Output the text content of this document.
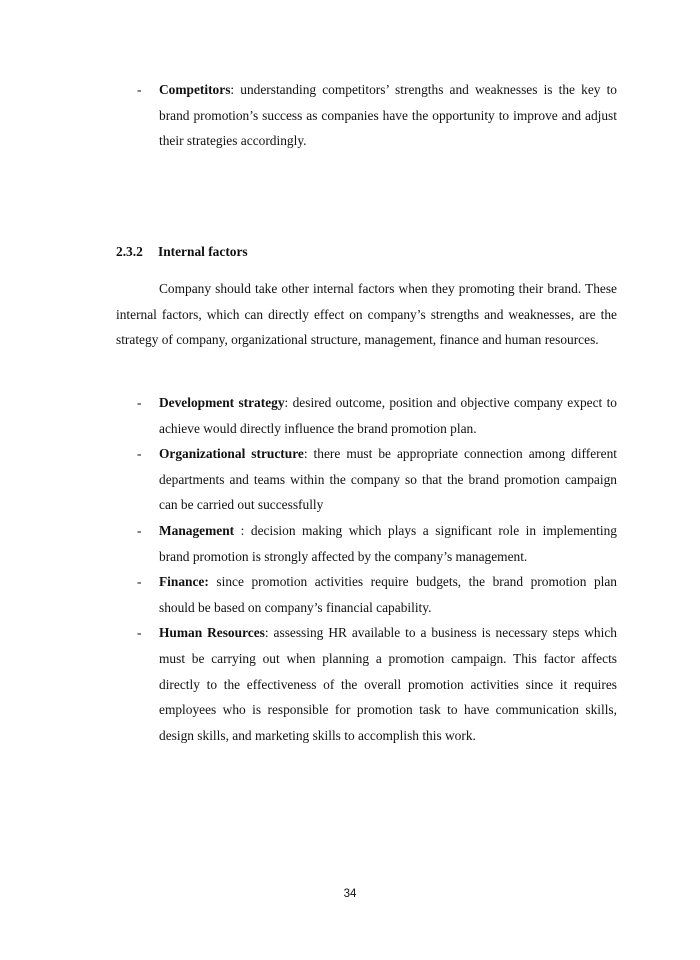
-	Competitors: understanding competitors’ strengths and weaknesses is the key to brand promotion’s success as companies have the opportunity to improve and adjust their strategies accordingly.
2.3.2 Internal factors
Company should take other internal factors when they promoting their brand. These internal factors, which can directly effect on company’s strengths and weaknesses, are the strategy of company, organizational structure, management, finance and human resources.
-	Development strategy: desired outcome, position and objective company expect to achieve would directly influence the brand promotion plan.
-	Organizational structure: there must be appropriate connection among different departments and teams within the company so that the brand promotion campaign can be carried out successfully
-	Management : decision making which plays a significant role in implementing brand promotion is strongly affected by the company’s management.
-	Finance: since promotion activities require budgets, the brand promotion plan should be based on company’s financial capability.
-	Human Resources: assessing HR available to a business is necessary steps which must be carrying out when planning a promotion campaign. This factor affects directly to the effectiveness of the overall promotion activities since it requires employees who is responsible for promotion task to have communication skills, design skills, and marketing skills to accomplish this work.
34
